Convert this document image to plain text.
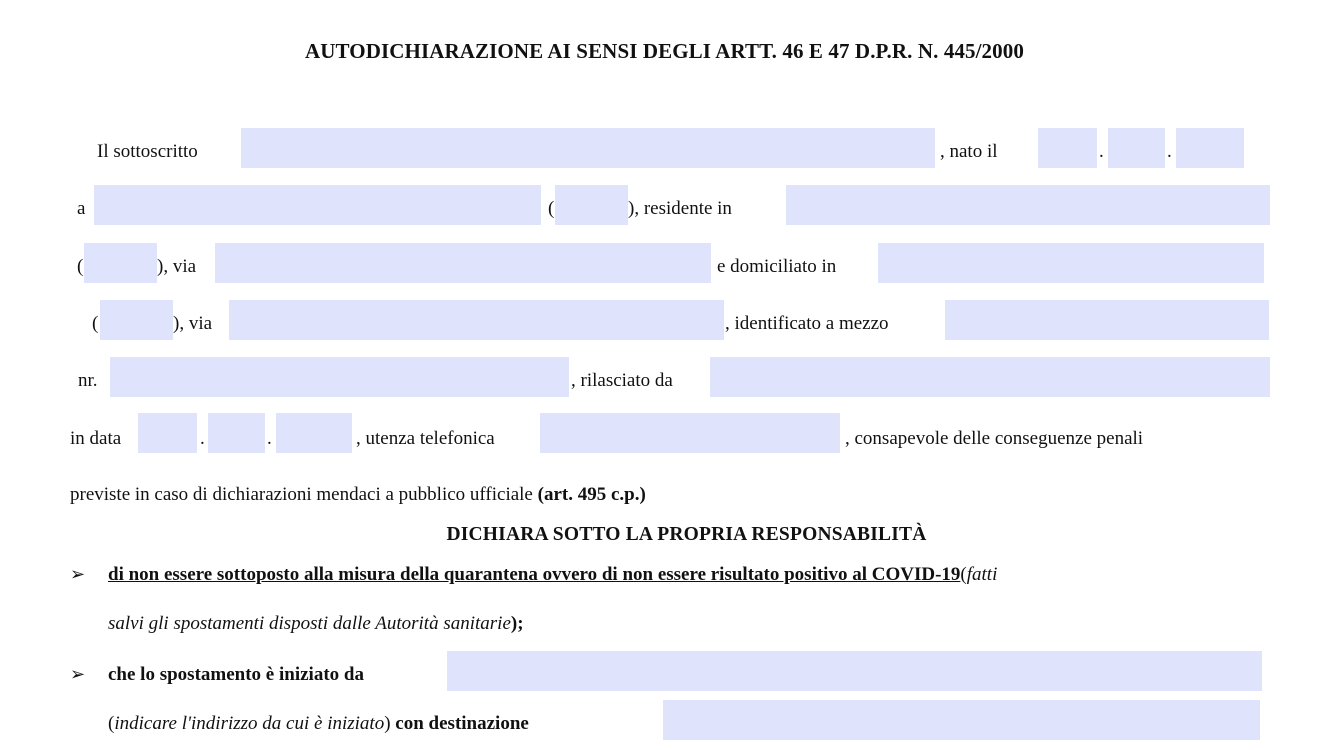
AUTODICHIARAZIONE AI SENSI DEGLI ARTT. 46 E 47 D.P.R. N. 445/2000
Il sottoscritto	, nato il	.	.
a	(	), residente in
(	), via	e domiciliato in
(	), via	, identificato a mezzo
nr.	, rilasciato da
in data	.	.	, utenza telefonica	, consapevole delle conseguenze penali
previste in caso di dichiarazioni mendaci a pubblico ufficiale (art. 495 c.p.)
DICHIARA SOTTO LA PROPRIA RESPONSABILITÀ
➢ di non essere sottoposto alla misura della quarantena ovvero di non essere risultato positivo al COVID-19(fatti
salvi gli spostamenti disposti dalle Autorità sanitarie);
➢ che lo spostamento è iniziato da
(indicare l'indirizzo da cui è iniziato) con destinazione
